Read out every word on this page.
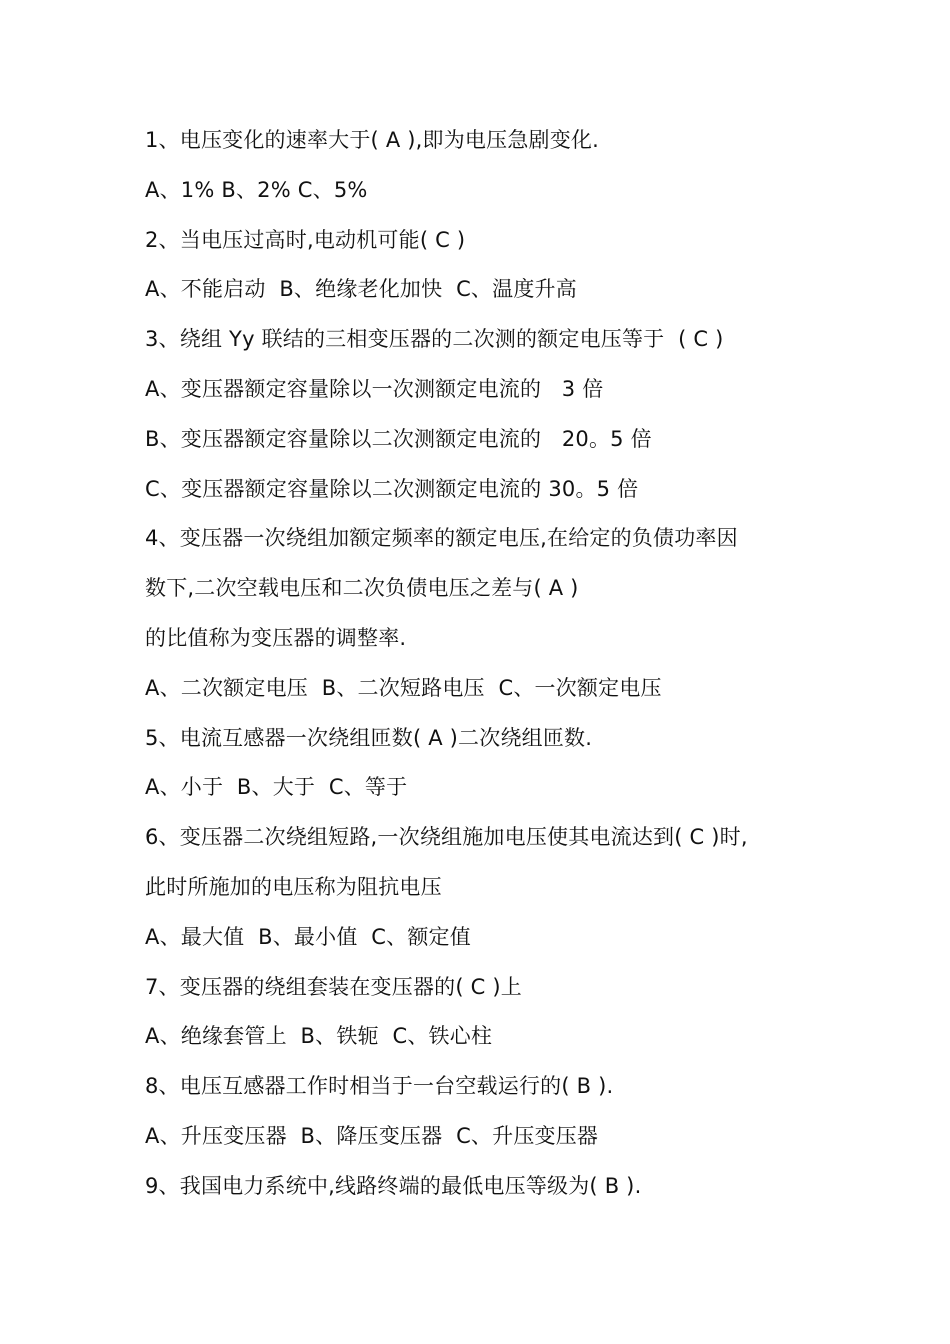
1、电压变化的速率大于( A ),即为电压急剧变化.
A、1% B、2% C、5%
2、当电压过高时,电动机可能( C )
A、不能启动  B、绝缘老化加快  C、温度升高
3、绕组 Yy 联结的三相变压器的二次测的额定电压等于  ( C )
A、变压器额定容量除以一次测额定电流的   3 倍
B、变压器额定容量除以二次测额定电流的   20。5 倍
C、变压器额定容量除以二次测额定电流的 30。5 倍
4、变压器一次绕组加额定频率的额定电压,在给定的负债功率因
数下,二次空载电压和二次负债电压之差与( A )
的比值称为变压器的调整率.
A、二次额定电压  B、二次短路电压  C、一次额定电压
5、电流互感器一次绕组匝数( A )二次绕组匝数.
A、小于  B、大于  C、等于
6、变压器二次绕组短路,一次绕组施加电压使其电流达到( C )时,
此时所施加的电压称为阻抗电压
A、最大值  B、最小值  C、额定值
7、变压器的绕组套装在变压器的( C )上
A、绝缘套管上  B、铁轭  C、铁心柱
8、电压互感器工作时相当于一台空载运行的( B ).
A、升压变压器  B、降压变压器  C、升压变压器
9、我国电力系统中,线路终端的最低电压等级为( B ).
